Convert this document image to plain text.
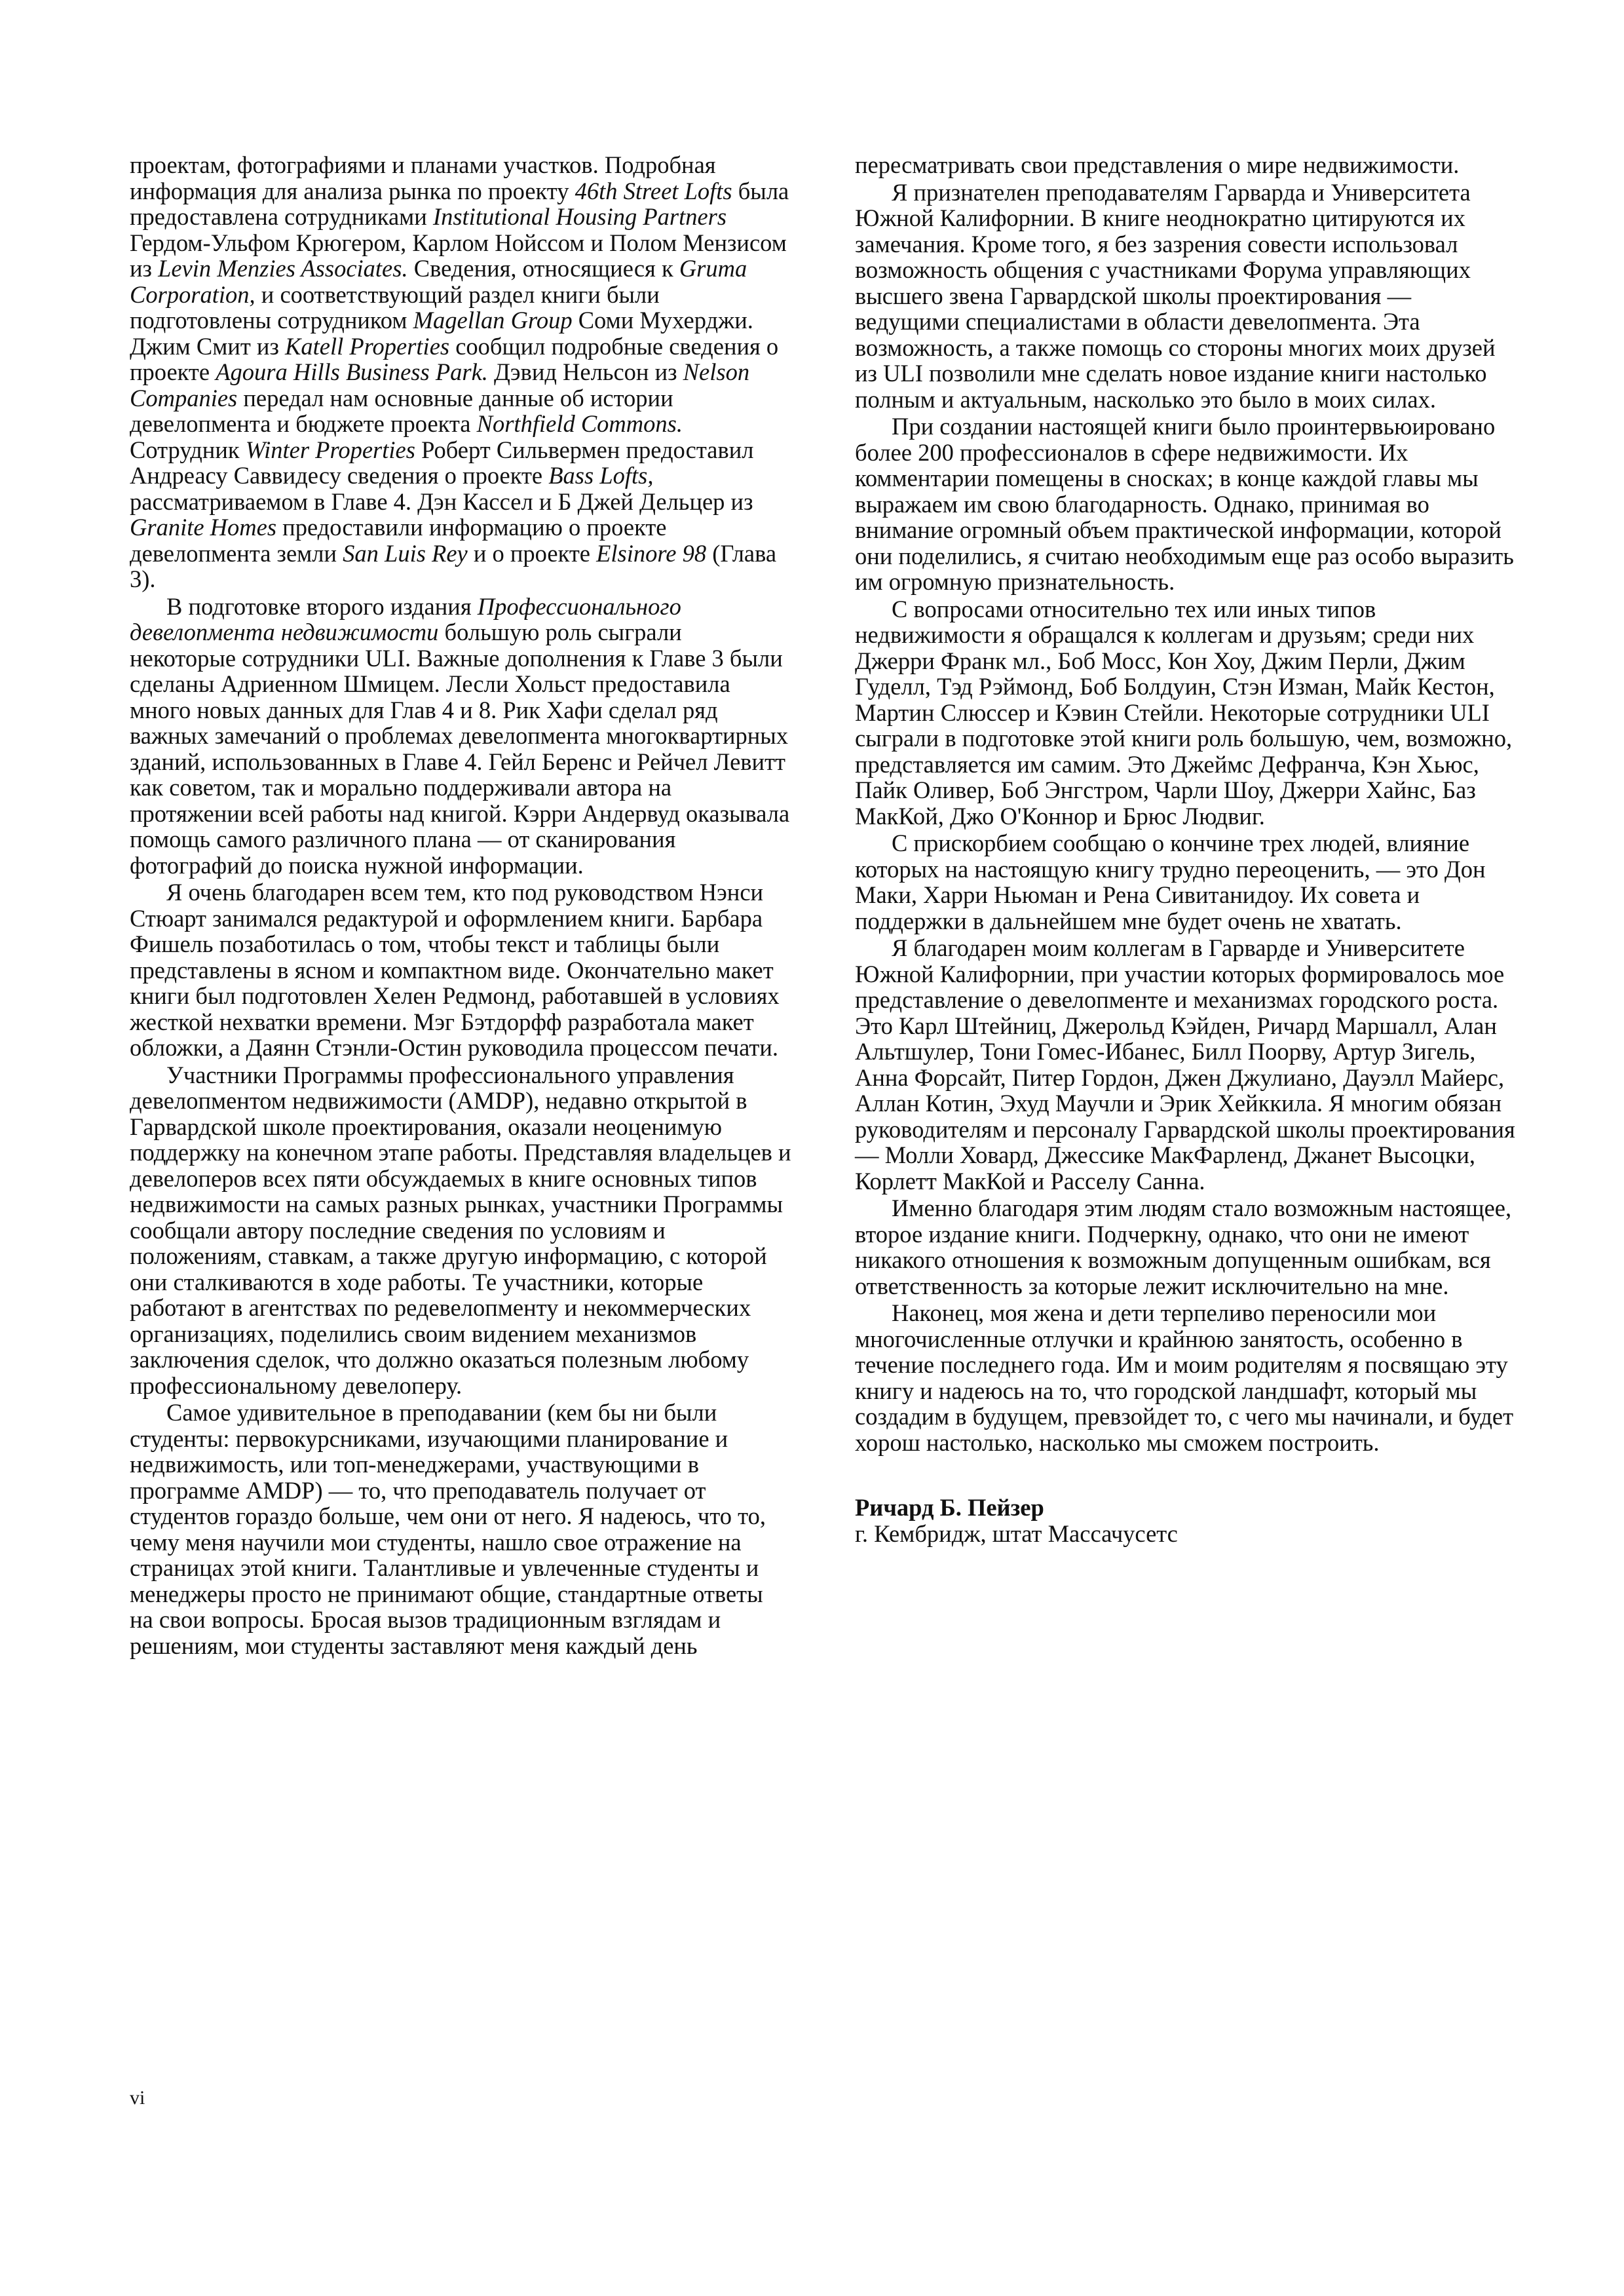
проектам, фотографиями и планами участков. Подробная информация для анализа рынка по проекту 46th Street Lofts была предоставлена сотрудниками Institutional Housing Partners Гердом-Ульфом Крюгером, Карлом Нойссом и Полом Мензисом из Levin Menzies Associates. Сведения, относящиеся к Gruma Corporation, и соответствующий раздел книги были подготовлены сотрудником Magellan Group Соми Мухерджи. Джим Смит из Katell Properties сообщил подробные сведения о проекте Agoura Hills Business Park. Дэвид Нельсон из Nelson Companies передал нам основные данные об истории девелопмента и бюджете проекта Northfield Commons. Сотрудник Winter Properties Роберт Сильвермен предоставил Андреасу Саввидесу сведения о проекте Bass Lofts, рассматриваемом в Главе 4. Дэн Кассел и Б Джей Дельцер из Granite Homes предоставили информацию о проекте девелопмента земли San Luis Rey и о проекте Elsinore 98 (Глава 3).

В подготовке второго издания Профессионального девелопмента недвижимости большую роль сыграли некоторые сотрудники ULI. Важные дополнения к Главе 3 были сделаны Адриенном Шмицем. Лесли Хольст предоставила много новых данных для Глав 4 и 8. Рик Хафи сделал ряд важных замечаний о проблемах девелопмента многоквартирных зданий, использованных в Главе 4. Гейл Беренс и Рейчел Левитт как советом, так и морально поддерживали автора на протяжении всей работы над книгой. Кэрри Андервуд оказывала помощь самого различного плана — от сканирования фотографий до поиска нужной информации.

Я очень благодарен всем тем, кто под руководством Нэнси Стюарт занимался редактурой и оформлением книги. Барбара Фишель позаботилась о том, чтобы текст и таблицы были представлены в ясном и компактном виде. Окончательно макет книги был подготовлен Хелен Редмонд, работавшей в условиях жесткой нехватки времени. Мэг Бэтдорфф разработала макет обложки, а Даянн Стэнли-Остин руководила процессом печати.

Участники Программы профессионального управления девелопментом недвижимости (AMDP), недавно открытой в Гарвардской школе проектирования, оказали неоценимую поддержку на конечном этапе работы. Представляя владельцев и девелоперов всех пяти обсуждаемых в книге основных типов недвижимости на самых разных рынках, участники Программы сообщали автору последние сведения по условиям и положениям, ставкам, а также другую информацию, с которой они сталкиваются в ходе работы. Те участники, которые работают в агентствах по редевелопменту и некоммерческих организациях, поделились своим видением механизмов заключения сделок, что должно оказаться полезным любому профессиональному девелоперу.

Самое удивительное в преподавании (кем бы ни были студенты: первокурсниками, изучающими планирование и недвижимость, или топ-менеджерами, участвующими в программе AMDP) — то, что преподаватель получает от студентов гораздо больше, чем они от него. Я надеюсь, что то, чему меня научили мои студенты, нашло свое отражение на страницах этой книги. Талантливые и увлеченные студенты и менеджеры просто не принимают общие, стандартные ответы на свои вопросы. Бросая вызов традиционным взглядам и решениям, мои студенты заставляют меня каждый день

пересматривать свои представления о мире недвижимости.

Я признателен преподавателям Гарварда и Университета Южной Калифорнии. В книге неоднократно цитируются их замечания. Кроме того, я без зазрения совести использовал возможность общения с участниками Форума управляющих высшего звена Гарвардской школы проектирования — ведущими специалистами в области девелопмента. Эта возможность, а также помощь со стороны многих моих друзей из ULI позволили мне сделать новое издание книги настолько полным и актуальным, насколько это было в моих силах.

При создании настоящей книги было проинтервьюировано более 200 профессионалов в сфере недвижимости. Их комментарии помещены в сносках; в конце каждой главы мы выражаем им свою благодарность. Однако, принимая во внимание огромный объем практической информации, которой они поделились, я считаю необходимым еще раз особо выразить им огромную признательность.

С вопросами относительно тех или иных типов недвижимости я обращался к коллегам и друзьям; среди них Джерри Франк мл., Боб Мосс, Кон Хоу, Джим Перли, Джим Гуделл, Тэд Рэймонд, Боб Болдуин, Стэн Изман, Майк Кестон, Мартин Слюссер и Кэвин Стейли. Некоторые сотрудники ULI сыграли в подготовке этой книги роль большую, чем, возможно, представляется им самим. Это Джеймс Дефранча, Кэн Хьюс, Пайк Оливер, Боб Энгстром, Чарли Шоу, Джерри Хайнс, Баз МакКой, Джо О'Коннор и Брюс Людвиг.

С прискорбием сообщаю о кончине трех людей, влияние которых на настоящую книгу трудно переоценить, — это Дон Маки, Харри Ньюман и Рена Сивитанидоу. Их совета и поддержки в дальнейшем мне будет очень не хватать.

Я благодарен моим коллегам в Гарварде и Университете Южной Калифорнии, при участии которых формировалось мое представление о девелопменте и механизмах городского роста. Это Карл Штейниц, Джерольд Кэйден, Ричард Маршалл, Алан Альтшулер, Тони Гомес-Ибанес, Билл Поорву, Артур Зигель, Анна Форсайт, Питер Гордон, Джен Джулиано, Дауэлл Майерс, Аллан Котин, Эхуд Маучли и Эрик Хейккила. Я многим обязан руководителям и персоналу Гарвардской школы проектирования — Молли Ховард, Джессике МакФарленд, Джанет Высоцки, Корлетт МакКой и Расселу Санна.

Именно благодаря этим людям стало возможным настоящее, второе издание книги. Подчеркну, однако, что они не имеют никакого отношения к возможным допущенным ошибкам, вся ответственность за которые лежит исключительно на мне.

Наконец, моя жена и дети терпеливо переносили мои многочисленные отлучки и крайнюю занятость, особенно в течение последнего года. Им и моим родителям я посвящаю эту книгу и надеюсь на то, что городской ландшафт, который мы создадим в будущем, превзойдет то, с чего мы начинали, и будет хорош настолько, насколько мы сможем построить.

Ричард Б. Пейзер
г. Кембридж, штат Массачусетс

vi
